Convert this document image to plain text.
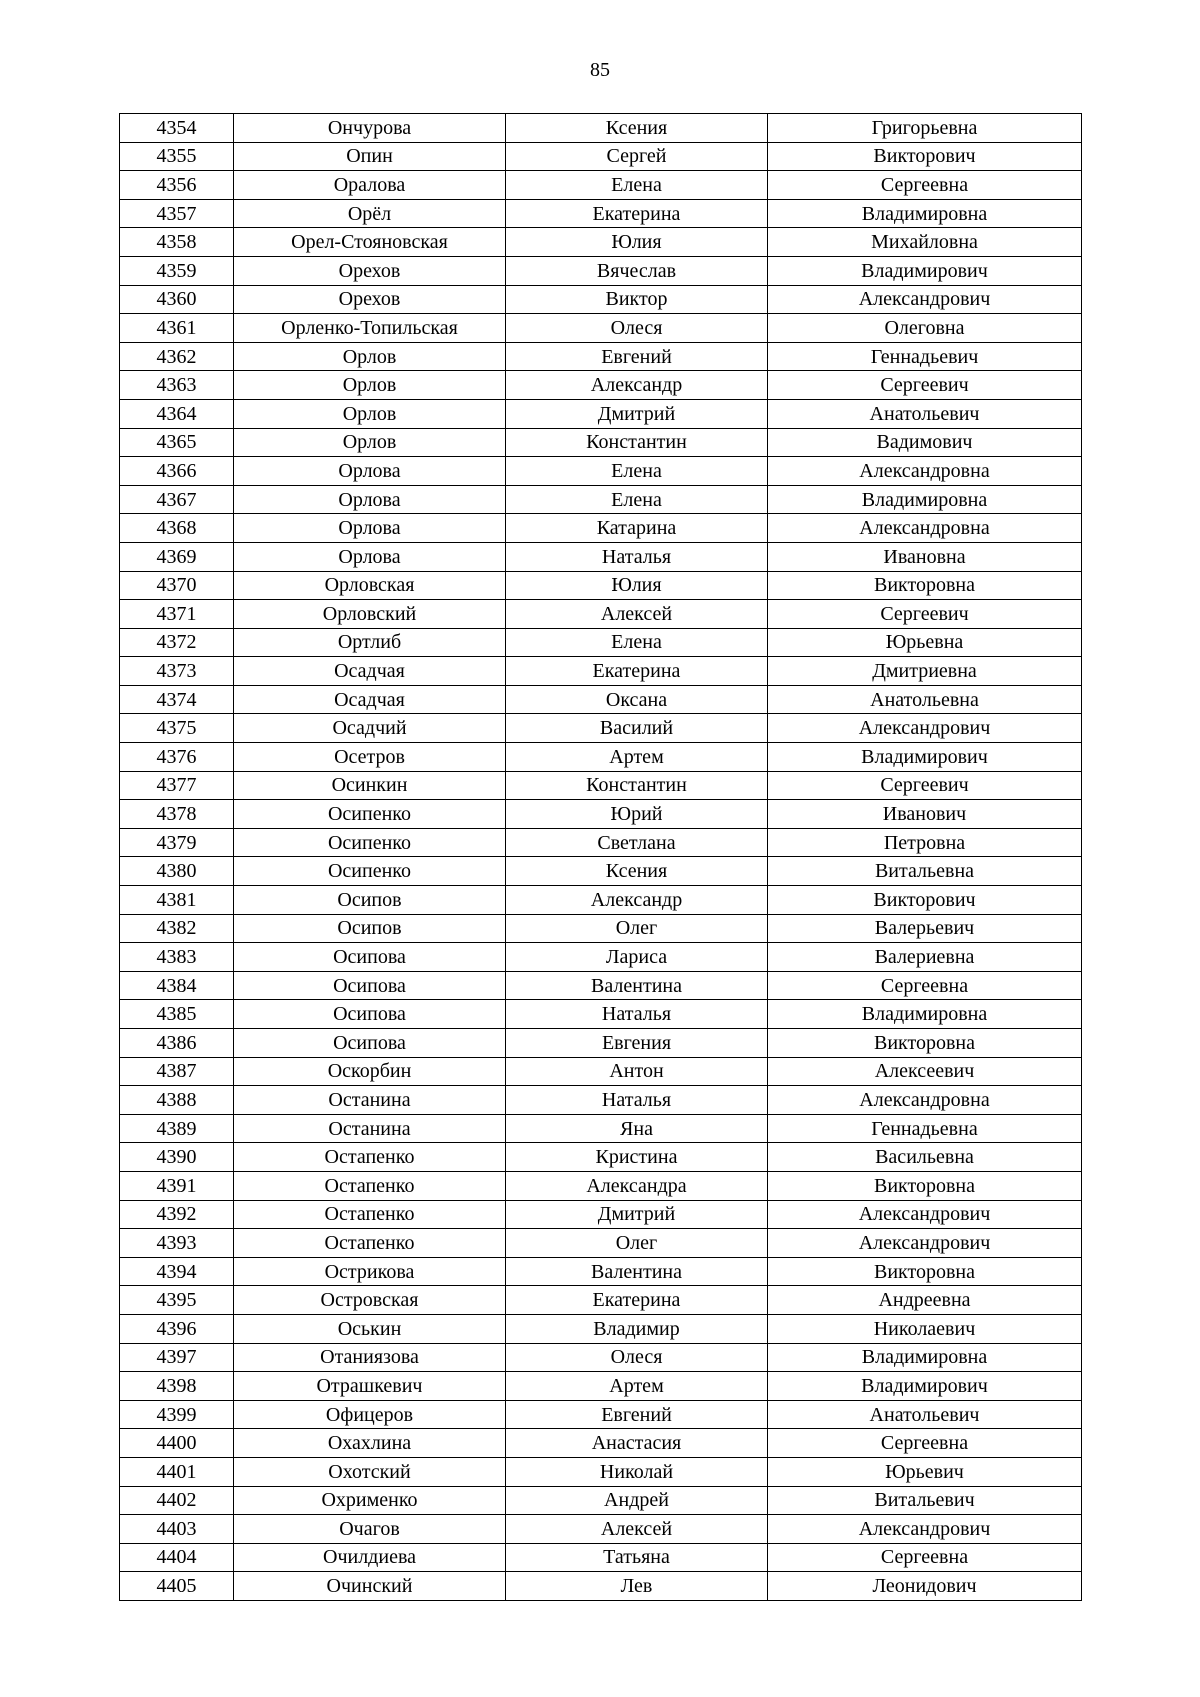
85
4354	Ончурова	Ксения	Григорьевна
4355	Опин	Сергей	Викторович
4356	Оралова	Елена	Сергеевна
4357	Орёл	Екатерина	Владимировна
4358	Орел-Стояновская	Юлия	Михайловна
4359	Орехов	Вячеслав	Владимирович
4360	Орехов	Виктор	Александрович
4361	Орленко-Топильская	Олеся	Олеговна
4362	Орлов	Евгений	Геннадьевич
4363	Орлов	Александр	Сергеевич
4364	Орлов	Дмитрий	Анатольевич
4365	Орлов	Константин	Вадимович
4366	Орлова	Елена	Александровна
4367	Орлова	Елена	Владимировна
4368	Орлова	Катарина	Александровна
4369	Орлова	Наталья	Ивановна
4370	Орловская	Юлия	Викторовна
4371	Орловский	Алексей	Сергеевич
4372	Ортлиб	Елена	Юрьевна
4373	Осадчая	Екатерина	Дмитриевна
4374	Осадчая	Оксана	Анатольевна
4375	Осадчий	Василий	Александрович
4376	Осетров	Артем	Владимирович
4377	Осинкин	Константин	Сергеевич
4378	Осипенко	Юрий	Иванович
4379	Осипенко	Светлана	Петровна
4380	Осипенко	Ксения	Витальевна
4381	Осипов	Александр	Викторович
4382	Осипов	Олег	Валерьевич
4383	Осипова	Лариса	Валериевна
4384	Осипова	Валентина	Сергеевна
4385	Осипова	Наталья	Владимировна
4386	Осипова	Евгения	Викторовна
4387	Оскорбин	Антон	Алексеевич
4388	Останина	Наталья	Александровна
4389	Останина	Яна	Геннадьевна
4390	Остапенко	Кристина	Васильевна
4391	Остапенко	Александра	Викторовна
4392	Остапенко	Дмитрий	Александрович
4393	Остапенко	Олег	Александрович
4394	Острикова	Валентина	Викторовна
4395	Островская	Екатерина	Андреевна
4396	Оськин	Владимир	Николаевич
4397	Отаниязова	Олеся	Владимировна
4398	Отрашкевич	Артем	Владимирович
4399	Офицеров	Евгений	Анатольевич
4400	Охахлина	Анастасия	Сергеевна
4401	Охотский	Николай	Юрьевич
4402	Охрименко	Андрей	Витальевич
4403	Очагов	Алексей	Александрович
4404	Очилдиева	Татьяна	Сергеевна
4405	Очинский	Лев	Леонидович
